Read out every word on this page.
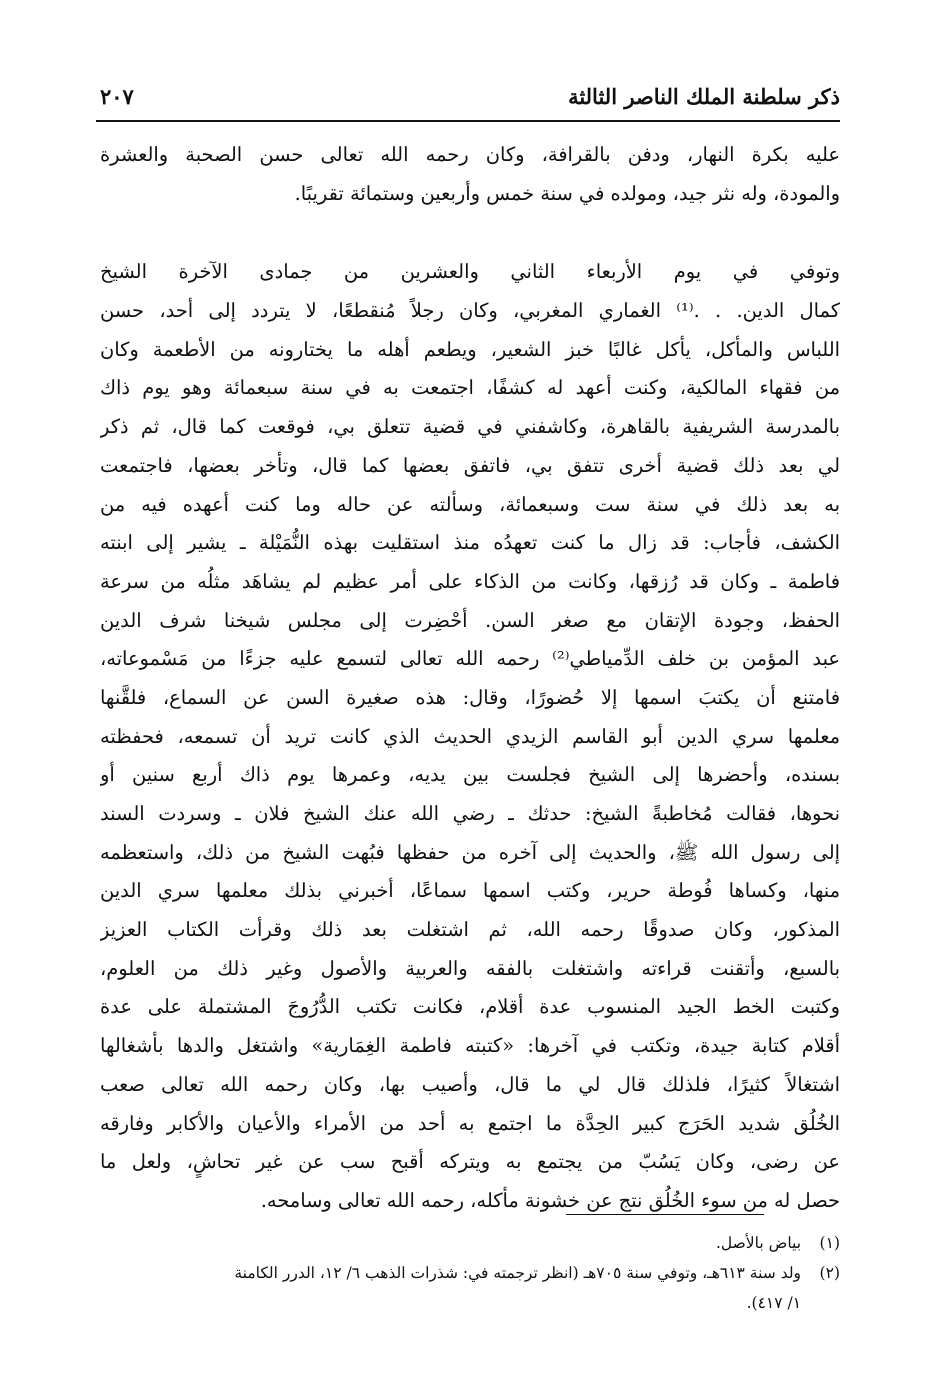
ذكر سلطنة الملك الناصر الثالثة
٢٠٧
عليه بكرة النهار، ودفن بالقرافة، وكان رحمه الله تعالى حسن الصحبة والعشرة
والمودة، وله نثر جيد، ومولده في سنة خمس وأربعين وستمائة تقريبًا.
وتوفي في يوم الأربعاء الثاني والعشرين من جمادى الآخرة الشيخ
كمال الدين. . .⁽¹⁾ الغماري المغربي، وكان رجلاً مُنقطعًا، لا يتردد إلى أحد، حسن
اللباس والمأكل، يأكل غالبًا خبز الشعير، ويطعم أهله ما يختارونه من الأطعمة وكان
من فقهاء المالكية، وكنت أعهد له كشفًا، اجتمعت به في سنة سبعمائة وهو يوم ذاك
بالمدرسة الشريفية بالقاهرة، وكاشفني في قضية تتعلق بي، فوقعت كما قال، ثم ذكر
لي بعد ذلك قضية أخرى تتفق بي، فاتفق بعضها كما قال، وتأخر بعضها، فاجتمعت
به بعد ذلك في سنة ست وسبعمائة، وسألته عن حاله وما كنت أعهده فيه من
الكشف، فأجاب: قد زال ما كنت تعهدُه منذ استقليت بهذه النُّمَيْلة ـ يشير إلى ابنته
فاطمة ـ وكان قد رُزقها، وكانت من الذكاء على أمر عظيم لم يشاهَد مثلُه من سرعة
الحفظ، وجودة الإتقان مع صغر السن. أحْضِرت إلى مجلس شيخنا شرف الدين
عبد المؤمن بن خلف الدِّمياطي⁽²⁾ رحمه الله تعالى لتسمع عليه جزءًا من مَسْموعاته،
فامتنع أن يكتبَ اسمها إلا حُضورًا، وقال: هذه صغيرة السن عن السماع، فلقَّنها
معلمها سري الدين أبو القاسم الزيدي الحديث الذي كانت تريد أن تسمعه، فحفظته
بسنده، وأحضرها إلى الشيخ فجلست بين يديه، وعمرها يوم ذاك أربع سنين أو
نحوها، فقالت مُخاطبةً الشيخ: حدثك ـ رضي الله عنك الشيخ فلان ـ وسردت السند
إلى رسول الله ﷺ، والحديث إلى آخره من حفظها فبُهت الشيخ من ذلك، واستعظمه
منها، وكساها فُوطة حرير، وكتب اسمها سماعًا، أخبرني بذلك معلمها سري الدين
المذكور، وكان صدوقًا رحمه الله، ثم اشتغلت بعد ذلك وقرأت الكتاب العزيز
بالسبع، وأتقنت قراءته واشتغلت بالفقه والعربية والأصول وغير ذلك من العلوم،
وكتبت الخط الجيد المنسوب عدة أقلام، فكانت تكتب الدُّرُوجَ المشتملة على عدة
أقلام كتابة جيدة، وتكتب في آخرها: «كتبته فاطمة الغِمَارية» واشتغل والدها بأشغالها
اشتغالاً كثيرًا، فلذلك قال لي ما قال، وأصيب بها، وكان رحمه الله تعالى صعب
الخُلُق شديد الحَرَج كبير الحِدَّة ما اجتمع به أحد من الأمراء والأعيان والأكابر وفارقه
عن رضى، وكان يَسُبّ من يجتمع به ويتركه أقبح سب عن غير تحاشٍ، ولعل ما
حصل له من سوء الخُلُق نتج عن خشونة مأكله، رحمه الله تعالى وسامحه.
(١) بياض بالأصل.
(٢) ولد سنة ٦١٣هـ، وتوفي سنة ٧٠٥هـ (انظر ترجمته في: شذرات الذهب ٦/ ١٢، الدرر الكامنة
١/ ٤١٧).
